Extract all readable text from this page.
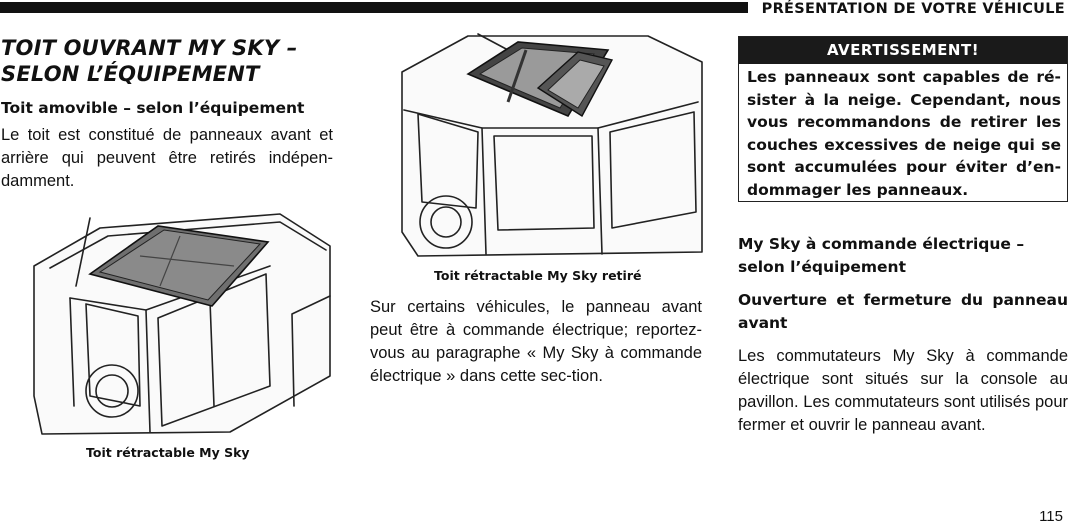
PRÉSENTATION DE VOTRE VÉHICULE

TOIT OUVRANT MY SKY –

SELON L’ÉQUIPEMENT

Toit amovible – selon l’équipement

Le toit est constitué de panneaux avant et arrière qui peuvent être retirés indépen-damment.

Toit rétractable My Sky
Toit rétractable My Sky retiré

Sur certains véhicules, le panneau avant peut être à commande électrique; reportez-vous au paragraphe « My Sky à commande électrique » dans cette sec-tion.

AVERTISSEMENT!
Les panneaux sont capables de ré-sister à la neige. Cependant, nous vous recommandons de retirer les couches excessives de neige qui se sont accumulées pour éviter d’en-dommager les panneaux.

My Sky à commande électrique –

selon l’équipement

Ouverture et fermeture du panneau avant

Les commutateurs My Sky à commande électrique sont situés sur la console au pavillon. Les commutateurs sont utilisés pour fermer et ouvrir le panneau avant.

115
